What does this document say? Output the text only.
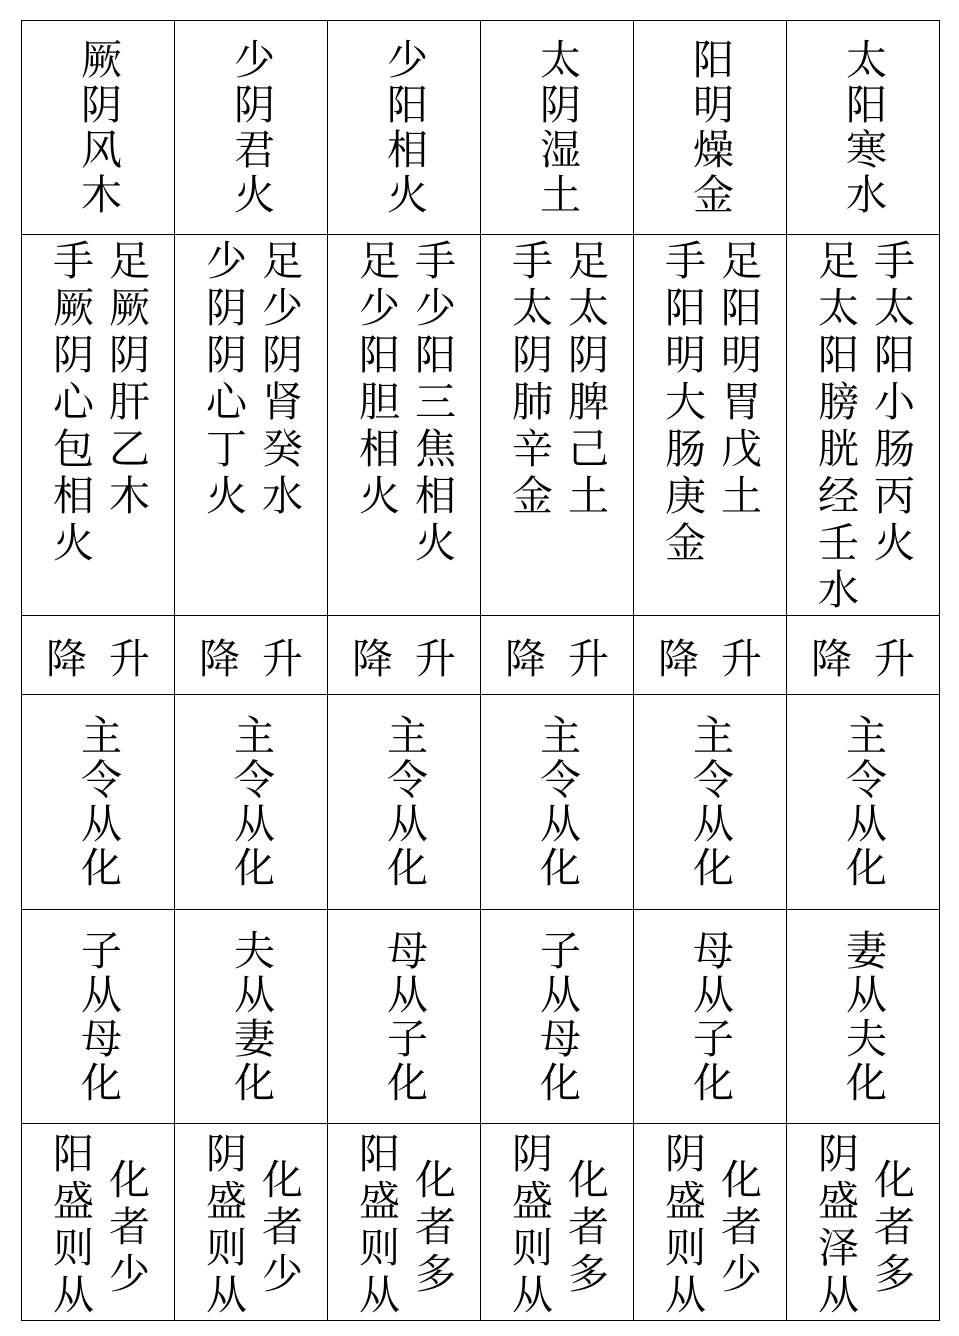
厥阴风木	少阴君火	少阳相火	太阴湿土	阳明燥金	太阳寒水

手厥阴心包相火 足厥阴肝乙木	少阴阴心丁火 足少阴肾癸水	足少阳胆相火 手少阳三焦相火	手太阴肺辛金 足太阴脾己土	手阳明大肠庚金 足阳明胃戊土	足太阳膀胱经壬水 手太阳小肠丙火

降 升	降 升	降 升	降 升	降 升	降 升

主令从化	主令从化	主令从化	主令从化	主令从化	主令从化

子从母化	夫从妻化	母从子化	子从母化	母从子化	妻从夫化

阳盛则从 化者少	阴盛则从 化者少	阳盛则从 化者多	阴盛则从 化者多	阴盛则从 化者少	阴盛泽从 化者多
